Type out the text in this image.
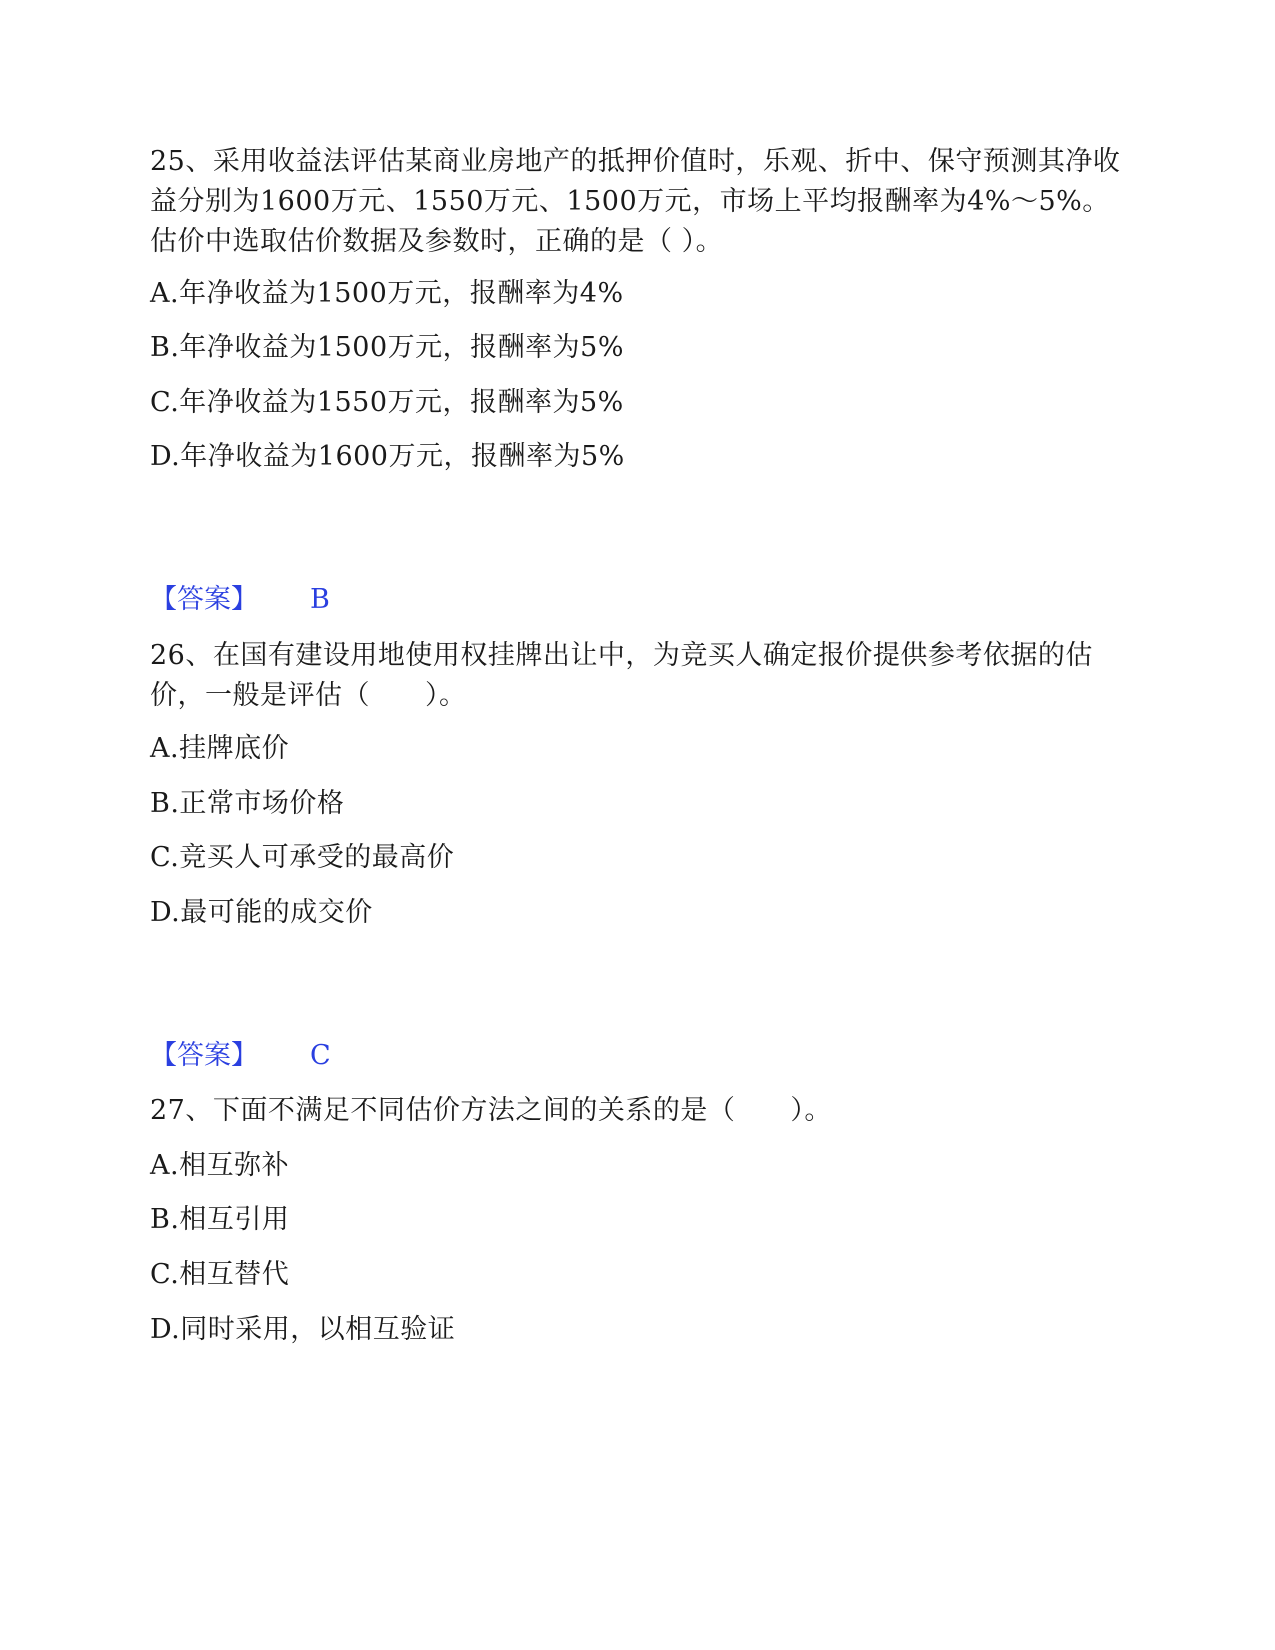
25、采用收益法评估某商业房地产的抵押价值时，乐观、折中、保守预测其净收益分别为1600万元、1550万元、1500万元，市场上平均报酬率为4%～5%。估价中选取估价数据及参数时，正确的是（ ）。
A.年净收益为1500万元，报酬率为4%
B.年净收益为1500万元，报酬率为5%
C.年净收益为1550万元，报酬率为5%
D.年净收益为1600万元，报酬率为5%
【答案】 B
26、在国有建设用地使用权挂牌出让中，为竞买人确定报价提供参考依据的估价，一般是评估（　　）。
A.挂牌底价
B.正常市场价格
C.竞买人可承受的最高价
D.最可能的成交价
【答案】 C
27、下面不满足不同估价方法之间的关系的是（　　）。
A.相互弥补
B.相互引用
C.相互替代
D.同时采用，以相互验证
